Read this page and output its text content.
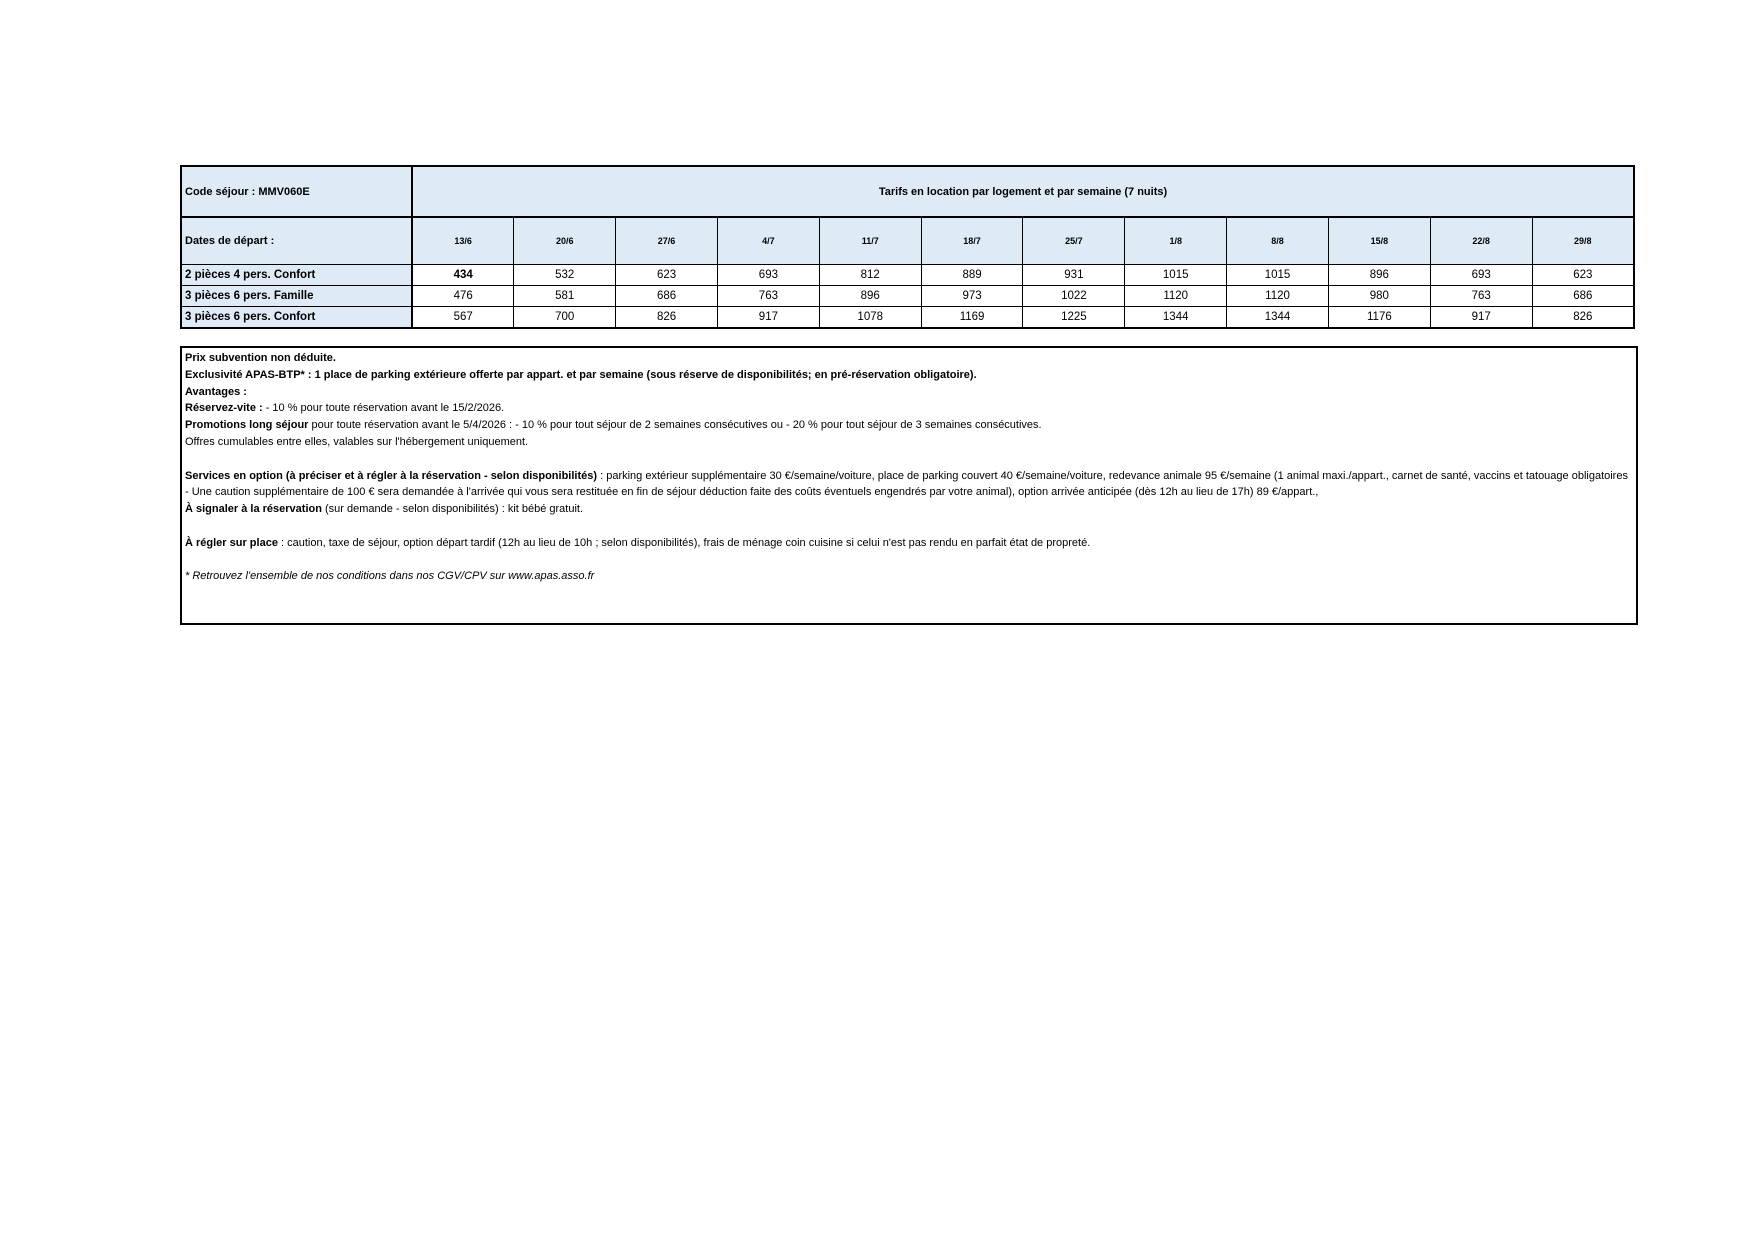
Code séjour : MMV060E	Tarifs en location par logement et par semaine (7 nuits)											
Dates de départ :	13/6	20/6	27/6	4/7	11/7	18/7	25/7	1/8	8/8	15/8	22/8	29/8
2 pièces 4 pers. Confort	434	532	623	693	812	889	931	1015	1015	896	693	623
3 pièces 6 pers. Famille	476	581	686	763	896	973	1022	1120	1120	980	763	686
3 pièces 6 pers. Confort	567	700	826	917	1078	1169	1225	1344	1344	1176	917	826

Prix subvention non déduite.

Exclusivité APAS-BTP* : 1 place de parking extérieure offerte par appart. et par semaine (sous réserve de disponibilités; en pré-réservation obligatoire).

Avantages :

Réservez-vite : - 10 % pour toute réservation avant le 15/2/2026.

Promotions long séjour pour toute réservation avant le 5/4/2026 : - 10 % pour tout séjour de 2 semaines consécutives ou - 20 % pour tout séjour de 3 semaines consécutives.

Offres cumulables entre elles, valables sur l'hébergement uniquement.

Services en option (à préciser et à régler à la réservation - selon disponibilités) : parking extérieur supplémentaire 30 €/semaine/voiture, place de parking couvert 40 €/semaine/voiture, redevance animale 95 €/semaine (1 animal maxi./appart., carnet de santé, vaccins et tatouage obligatoires - Une caution supplémentaire de 100 € sera demandée à l'arrivée qui vous sera restituée en fin de séjour déduction faite des coûts éventuels engendrés par votre animal), option arrivée anticipée (dès 12h au lieu de 17h) 89 €/appart.,

À signaler à la réservation (sur demande - selon disponibilités) : kit bébé gratuit.

À régler sur place : caution, taxe de séjour, option départ tardif (12h au lieu de 10h ; selon disponibilités), frais de ménage coin cuisine si celui n'est pas rendu en parfait état de propreté.

* Retrouvez l'ensemble de nos conditions dans nos CGV/CPV sur www.apas.asso.fr
